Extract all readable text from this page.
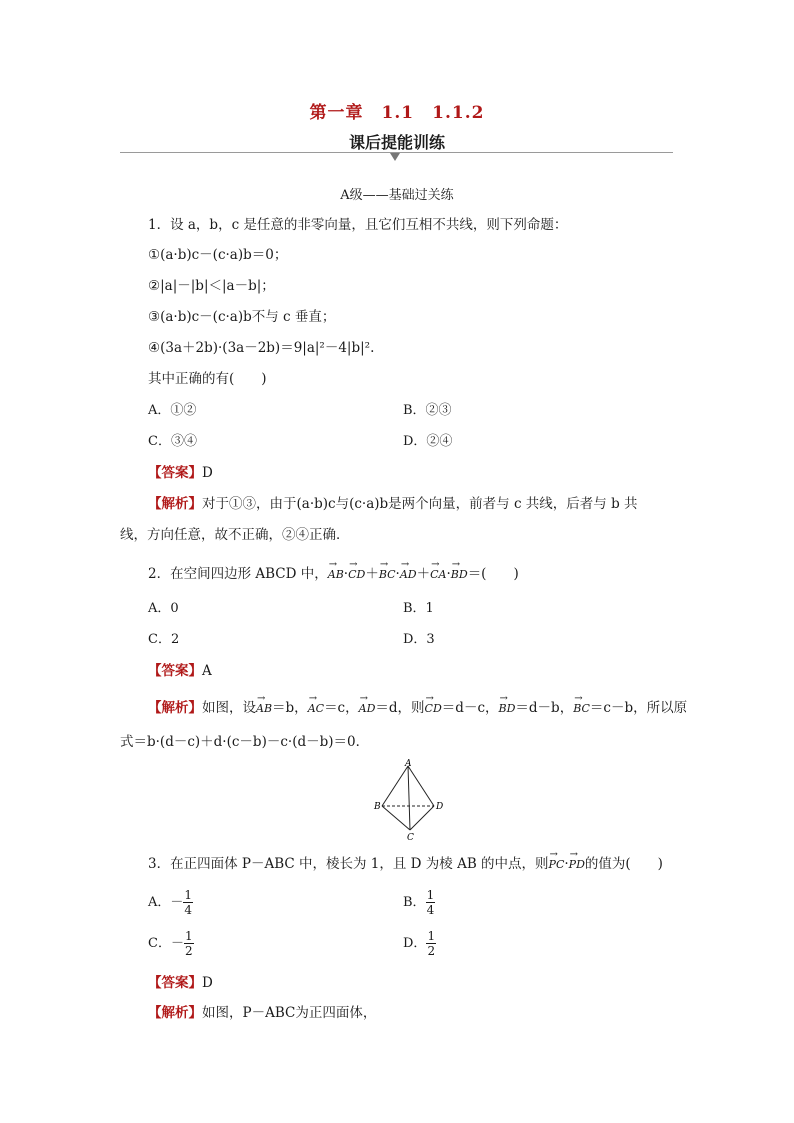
第一章　1.1　1.1.2
课后提能训练
A级——基础过关练
1．设 a，b，c 是任意的非零向量，且它们互相不共线，则下列命题：
①(a·b)c－(c·a)b＝0；
②|a|－|b|＜|a－b|；
③(a·b)c－(c·a)b不与 c 垂直；
④(3a＋2b)·(3a－2b)＝9|a|²－4|b|².
其中正确的有(　　)
A．①②	B．②③
C．③④	D．②④
【答案】D
【解析】对于①③，由于(a·b)c与(c·a)b是两个向量，前者与 c 共线，后者与 b 共
线，方向任意，故不正确，②④正确．
2．在空间四边形 ABCD 中，→ AB·→ CD＋→ BC·→ AD＋→ CA·→ BD＝(　　)
A．0	B．1
C．2	D．3
【答案】A
【解析】如图，设→ AB＝b，→ AC＝c，→ AD＝d，则→ CD＝d－c，→ BD＝d－b，→ BC＝c－b，所以原
式＝b·(d－c)＋d·(c－b)－c·(d－b)＝0．
A
B	D
C
3．在正四面体 P－ABC 中，棱长为 1，且 D 为棱 AB 的中点，则→ PC·→ PD的值为(　　)
A．－ $\frac{1}{4}$	B． $\frac{1}{4}$
C．－ $\frac{1}{2}$	D． $\frac{1}{2}$
【答案】D
【解析】如图，P－ABC为正四面体，
